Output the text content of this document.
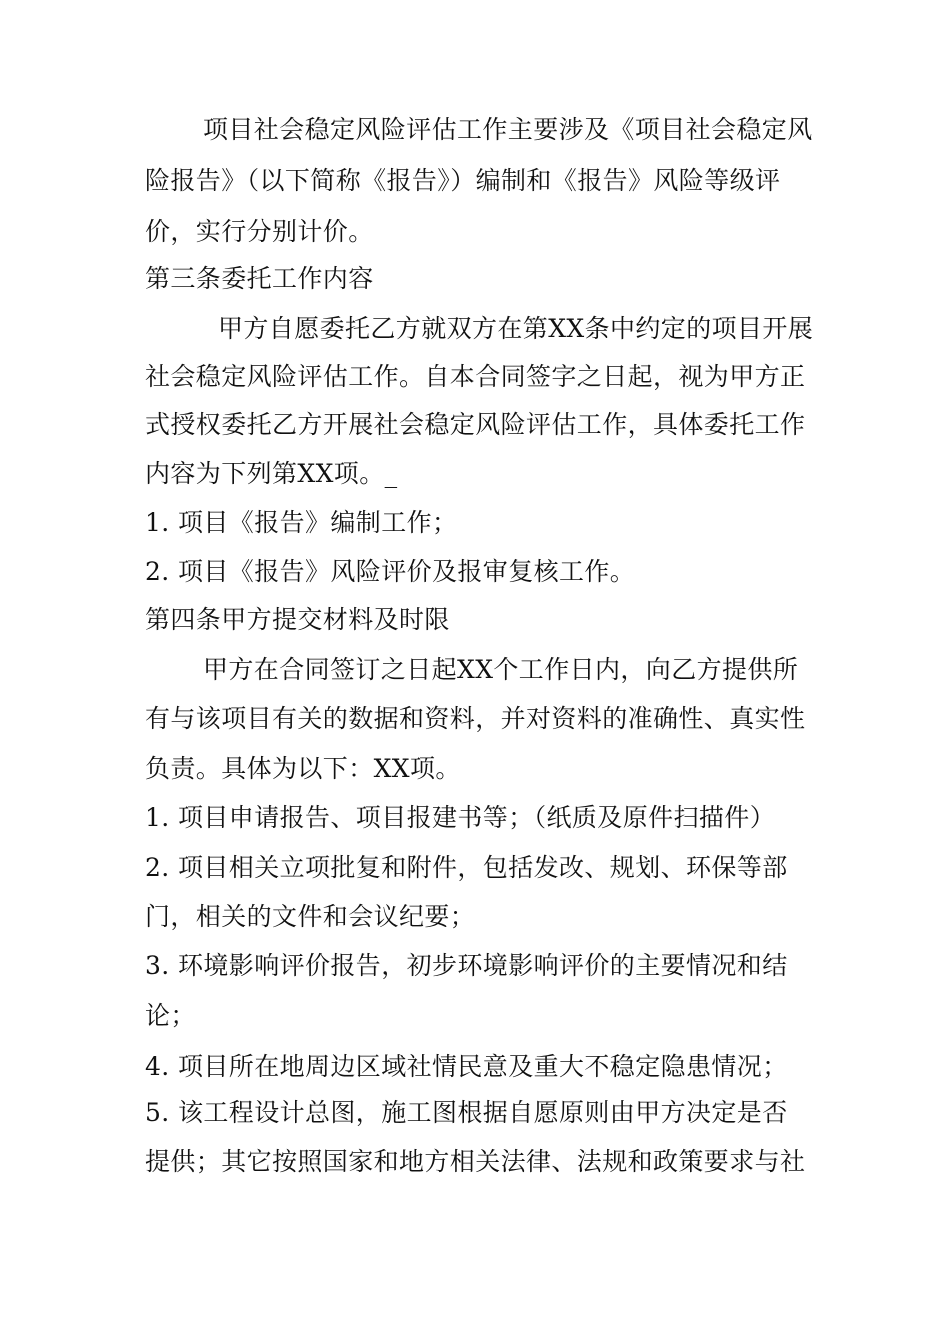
项目社会稳定风险评估工作主要涉及《项目社会稳定风
险报告》（以下简称《报告》）编制和《报告》风险等级评
价，实行分别计价。
第三条委托工作内容
甲方自愿委托乙方就双方在第XX条中约定的项目开展
社会稳定风险评估工作。自本合同签字之日起，视为甲方正
式授权委托乙方开展社会稳定风险评估工作，具体委托工作
内容为下列第XX项。_
1. 项目《报告》编制工作；
2. 项目《报告》风险评价及报审复核工作。
第四条甲方提交材料及时限
甲方在合同签订之日起XX个工作日内，向乙方提供所
有与该项目有关的数据和资料，并对资料的准确性、真实性
负责。具体为以下：XX项。
1. 项目申请报告、项目报建书等；（纸质及原件扫描件）
2. 项目相关立项批复和附件，包括发改、规划、环保等部
门，相关的文件和会议纪要；
3. 环境影响评价报告，初步环境影响评价的主要情况和结
论；
4. 项目所在地周边区域社情民意及重大不稳定隐患情况；
5. 该工程设计总图，施工图根据自愿原则由甲方决定是否
提供；其它按照国家和地方相关法律、法规和政策要求与社
